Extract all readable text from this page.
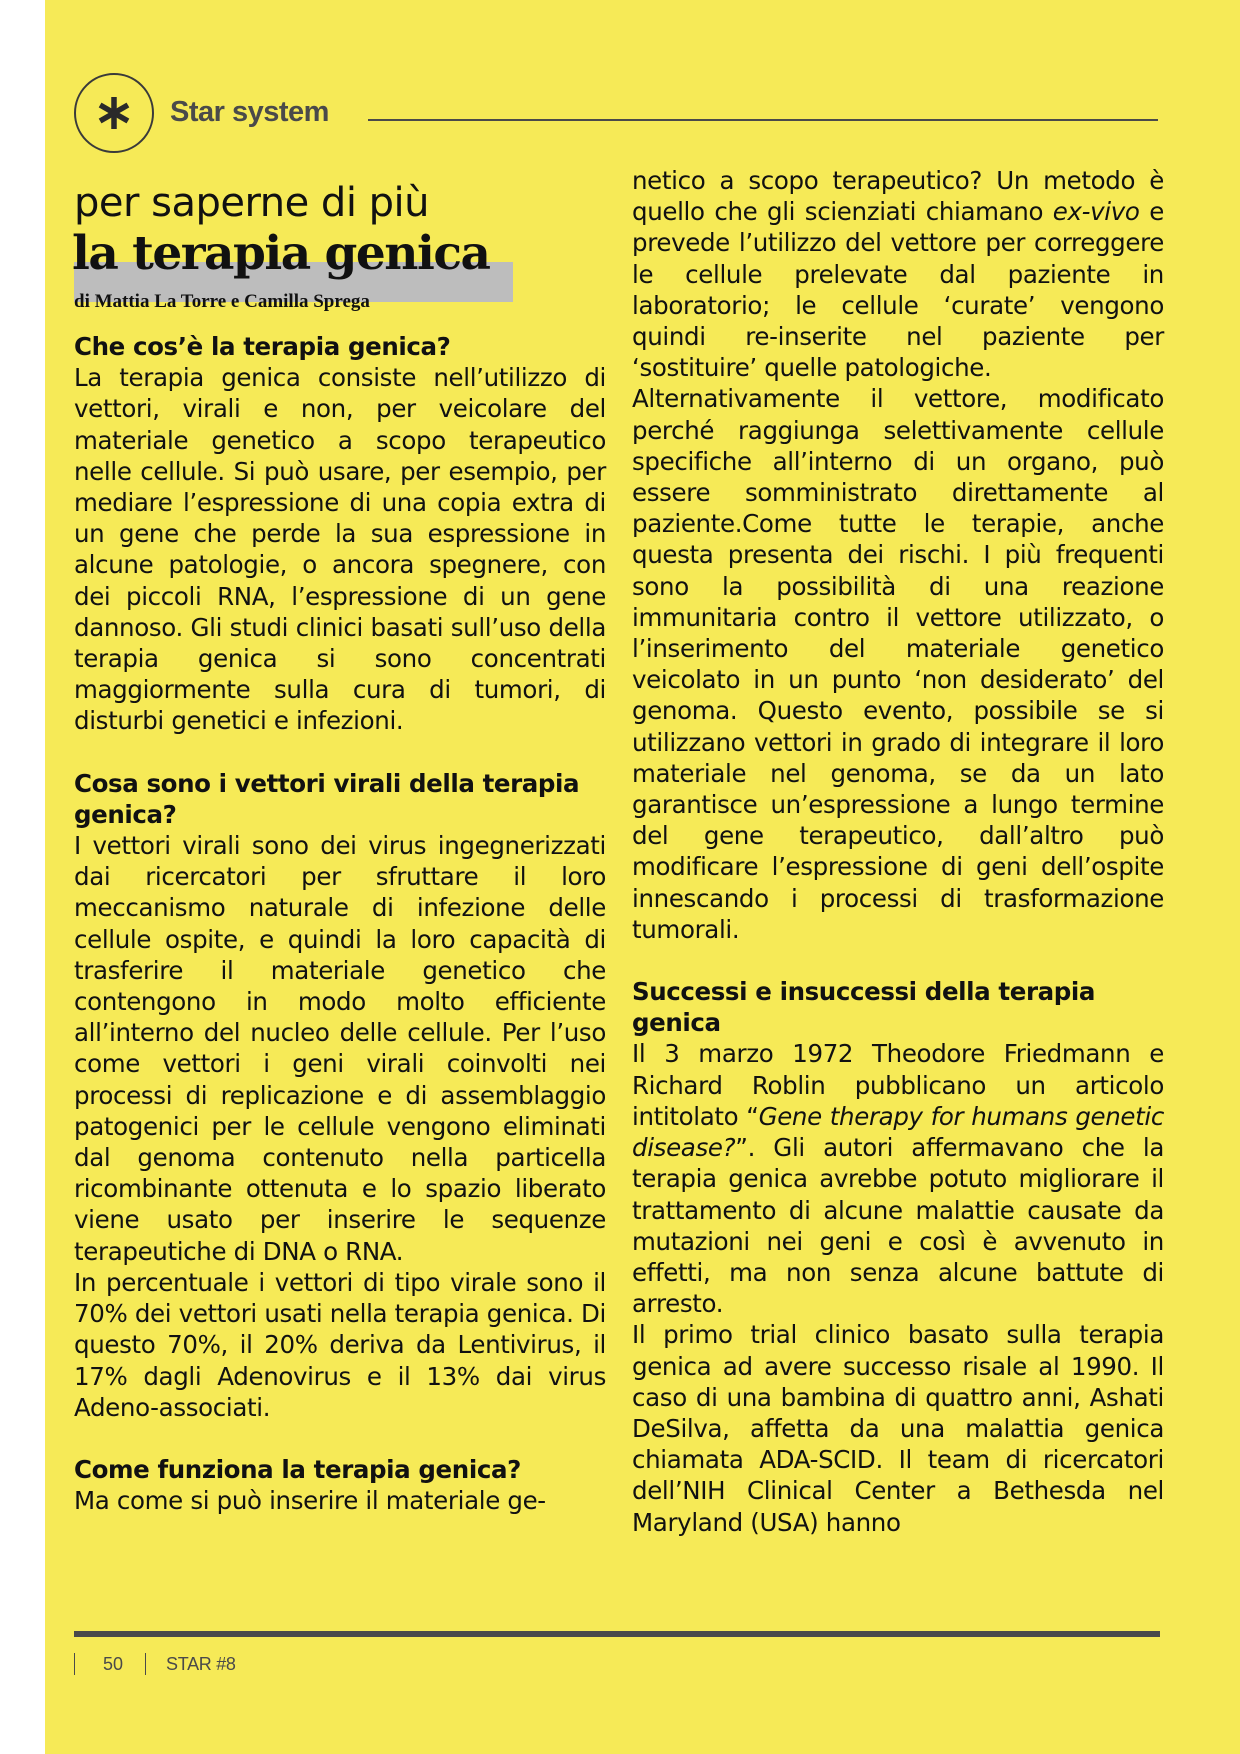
Star system
per saperne di più
la terapia genica
di Mattia La Torre e Camilla Sprega
Che cos’è la terapia genica?

La terapia genica consiste nell’utilizzo di vettori, virali e non, per veicolare del materiale genetico a scopo terapeutico nelle cellule. Si può usare, per esempio, per mediare l’espressione di una copia extra di un gene che perde la sua espressione in alcune patologie, o ancora spegnere, con dei piccoli RNA, l’espressione di un gene dannoso. Gli studi clinici basati sull’uso della terapia genica si sono concentrati maggiormente sulla cura di tumori, di disturbi genetici e infezioni.

Cosa sono i vettori virali della terapia genica?

I vettori virali sono dei virus ingegnerizzati dai ricercatori per sfruttare il loro meccanismo naturale di infezione delle cellule ospite, e quindi la loro capacità di trasferire il materiale genetico che contengono in modo molto efficiente all’interno del nucleo delle cellule. Per l’uso come vettori i geni virali coinvolti nei processi di replicazione e di assemblaggio patogenici per le cellule vengono eliminati dal genoma contenuto nella particella ricombinante ottenuta e lo spazio liberato viene usato per inserire le sequenze terapeutiche di DNA o RNA.

In percentuale i vettori di tipo virale sono il 70% dei vettori usati nella terapia genica. Di questo 70%, il 20% deriva da Lentivirus, il 17% dagli Adenovirus e il 13% dai virus Adeno-associati.

Come funziona la terapia genica?

Ma come si può inserire il materiale ge-

netico a scopo terapeutico? Un metodo è quello che gli scienziati chiamano ex-vivo e prevede l’utilizzo del vettore per correggere le cellule prelevate dal paziente in laboratorio; le cellule ‘curate’ vengono quindi re-inserite nel paziente per ‘sostituire’ quelle patologiche.

Alternativamente il vettore, modificato perché raggiunga selettivamente cellule specifiche all’interno di un organo, può essere somministrato direttamente al paziente.Come tutte le terapie, anche questa presenta dei rischi. I più frequenti sono la possibilità di una reazione immunitaria contro il vettore utilizzato, o l’inserimento del materiale genetico veicolato in un punto ‘non desiderato’ del genoma. Questo evento, possibile se si utilizzano vettori in grado di integrare il loro materiale nel genoma, se da un lato garantisce un’espressione a lungo termine del gene terapeutico, dall’altro può modificare l’espressione di geni dell’ospite innescando i processi di trasformazione tumorali.

Successi e insuccessi della terapia genica

Il 3 marzo 1972 Theodore Friedmann e Richard Roblin pubblicano un articolo intitolato “Gene therapy for humans genetic disease?”. Gli autori affermavano che la terapia genica avrebbe potuto migliorare il trattamento di alcune malattie causate da mutazioni nei geni e così è avvenuto in effetti, ma non senza alcune battute di arresto.

Il primo trial clinico basato sulla terapia genica ad avere successo risale al 1990. Il caso di una bambina di quattro anni, Ashati DeSilva, affetta da una malattia genica chiamata ADA-SCID. Il team di ricercatori dell’NIH Clinical Center a Bethesda nel Maryland (USA) hanno

50	STAR #8
